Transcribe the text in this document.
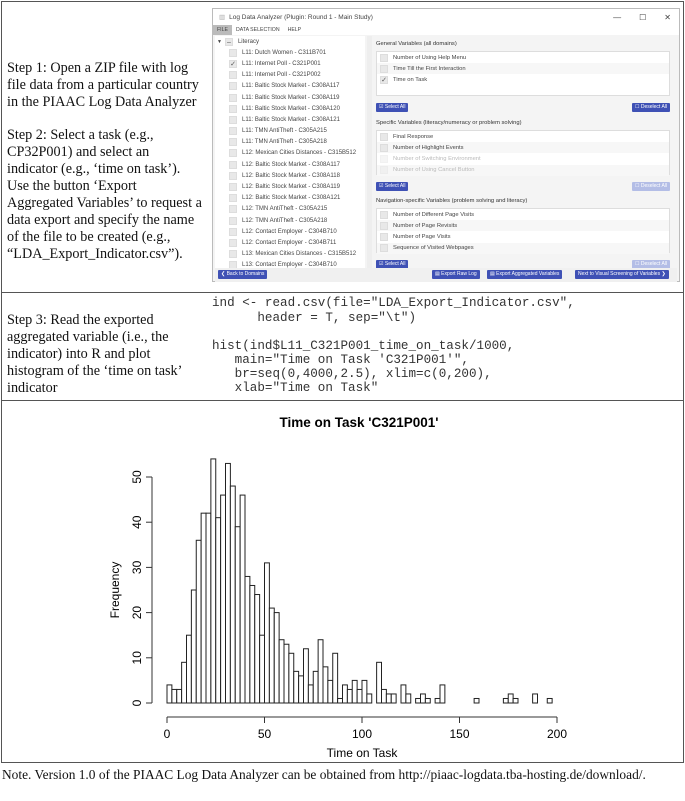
Step 1: Open a ZIP file with log file data from a particular country in the PIAAC Log Data Analyzer
Step 2: Select a task (e.g., CP32P001) and select an indicator (e.g., ‘time on task’). Use the button ‘Export Aggregated Variables’ to request a data export and specify the name of the file to be created (e.g., “LDA_Export_Indicator.csv”).
Step 3: Read the exported aggregated variable (i.e., the indicator) into R and plot histogram of the ‘time on task’ indicator
ind <- read.csv(file="LDA_Export_Indicator.csv",
header = T, sep="\t")
hist(ind$L11_C321P001_time_on_task/1000,
main="Time on Task 'C321P001'",
br=seq(0,4000,2.5), xlim=c(0,200),
xlab="Time on Task"
▥ Log Data Analyzer (Plugin: Round 1 - Main Study)	— ☐ ✕
FILE	DATA SELECTION	HELP
▼ –	Literacy
L11: Dutch Women - C311B701
✓ L11: Internet Poll - C321P001
L11: Internet Poll - C321P002
L11: Baltic Stock Market - C308A117
L11: Baltic Stock Market - C308A119
L11: Baltic Stock Market - C308A120
L11: Baltic Stock Market - C308A121
L11: TMN AntiTheft - C305A215
L11: TMN AntiTheft - C305A218
L12: Mexican Cities Distances - C315B512
L12: Baltic Stock Market - C308A117
L12: Baltic Stock Market - C308A118
L12: Baltic Stock Market - C308A119
L12: Baltic Stock Market - C308A121
L12: TMN AntiTheft - C305A215
L12: TMN AntiTheft - C305A218
L12: Contact Employer - C304B710
L12: Contact Employer - C304B711
L13: Mexican Cities Distances - C315B512
L13: Contact Employer - C304B710
General Variables (all domains)
Number of Using Help Menu
Time Till the First Interaction
✓ Time on Task
☑ Select All	☐ Deselect All
Specific Variables (literacy/numeracy or problem solving)
Final Response
Number of Highlight Events
Number of Switching Environment
Number of Using Cancel Button
☑ Select All	☐ Deselect All
Navigation-specific Variables (problem solving and literacy)
Number of Different Page Visits
Number of Page Revisits
Number of Page Visits
Sequence of Visited Webpages
☑ Select All	☐ Deselect All
❮ Back to Domains	▤ Export Raw Log	▤ Export Aggregated Variables	Next to Visual Screening of Variables ❯
Time on Task 'C321P001'
Time on Task
Frequency
0	50	100	150	200
0
10
20
30
40
50
Note. Version 1.0 of the PIAAC Log Data Analyzer can be obtained from http://piaac-logdata.tba-hosting.de/download/.
